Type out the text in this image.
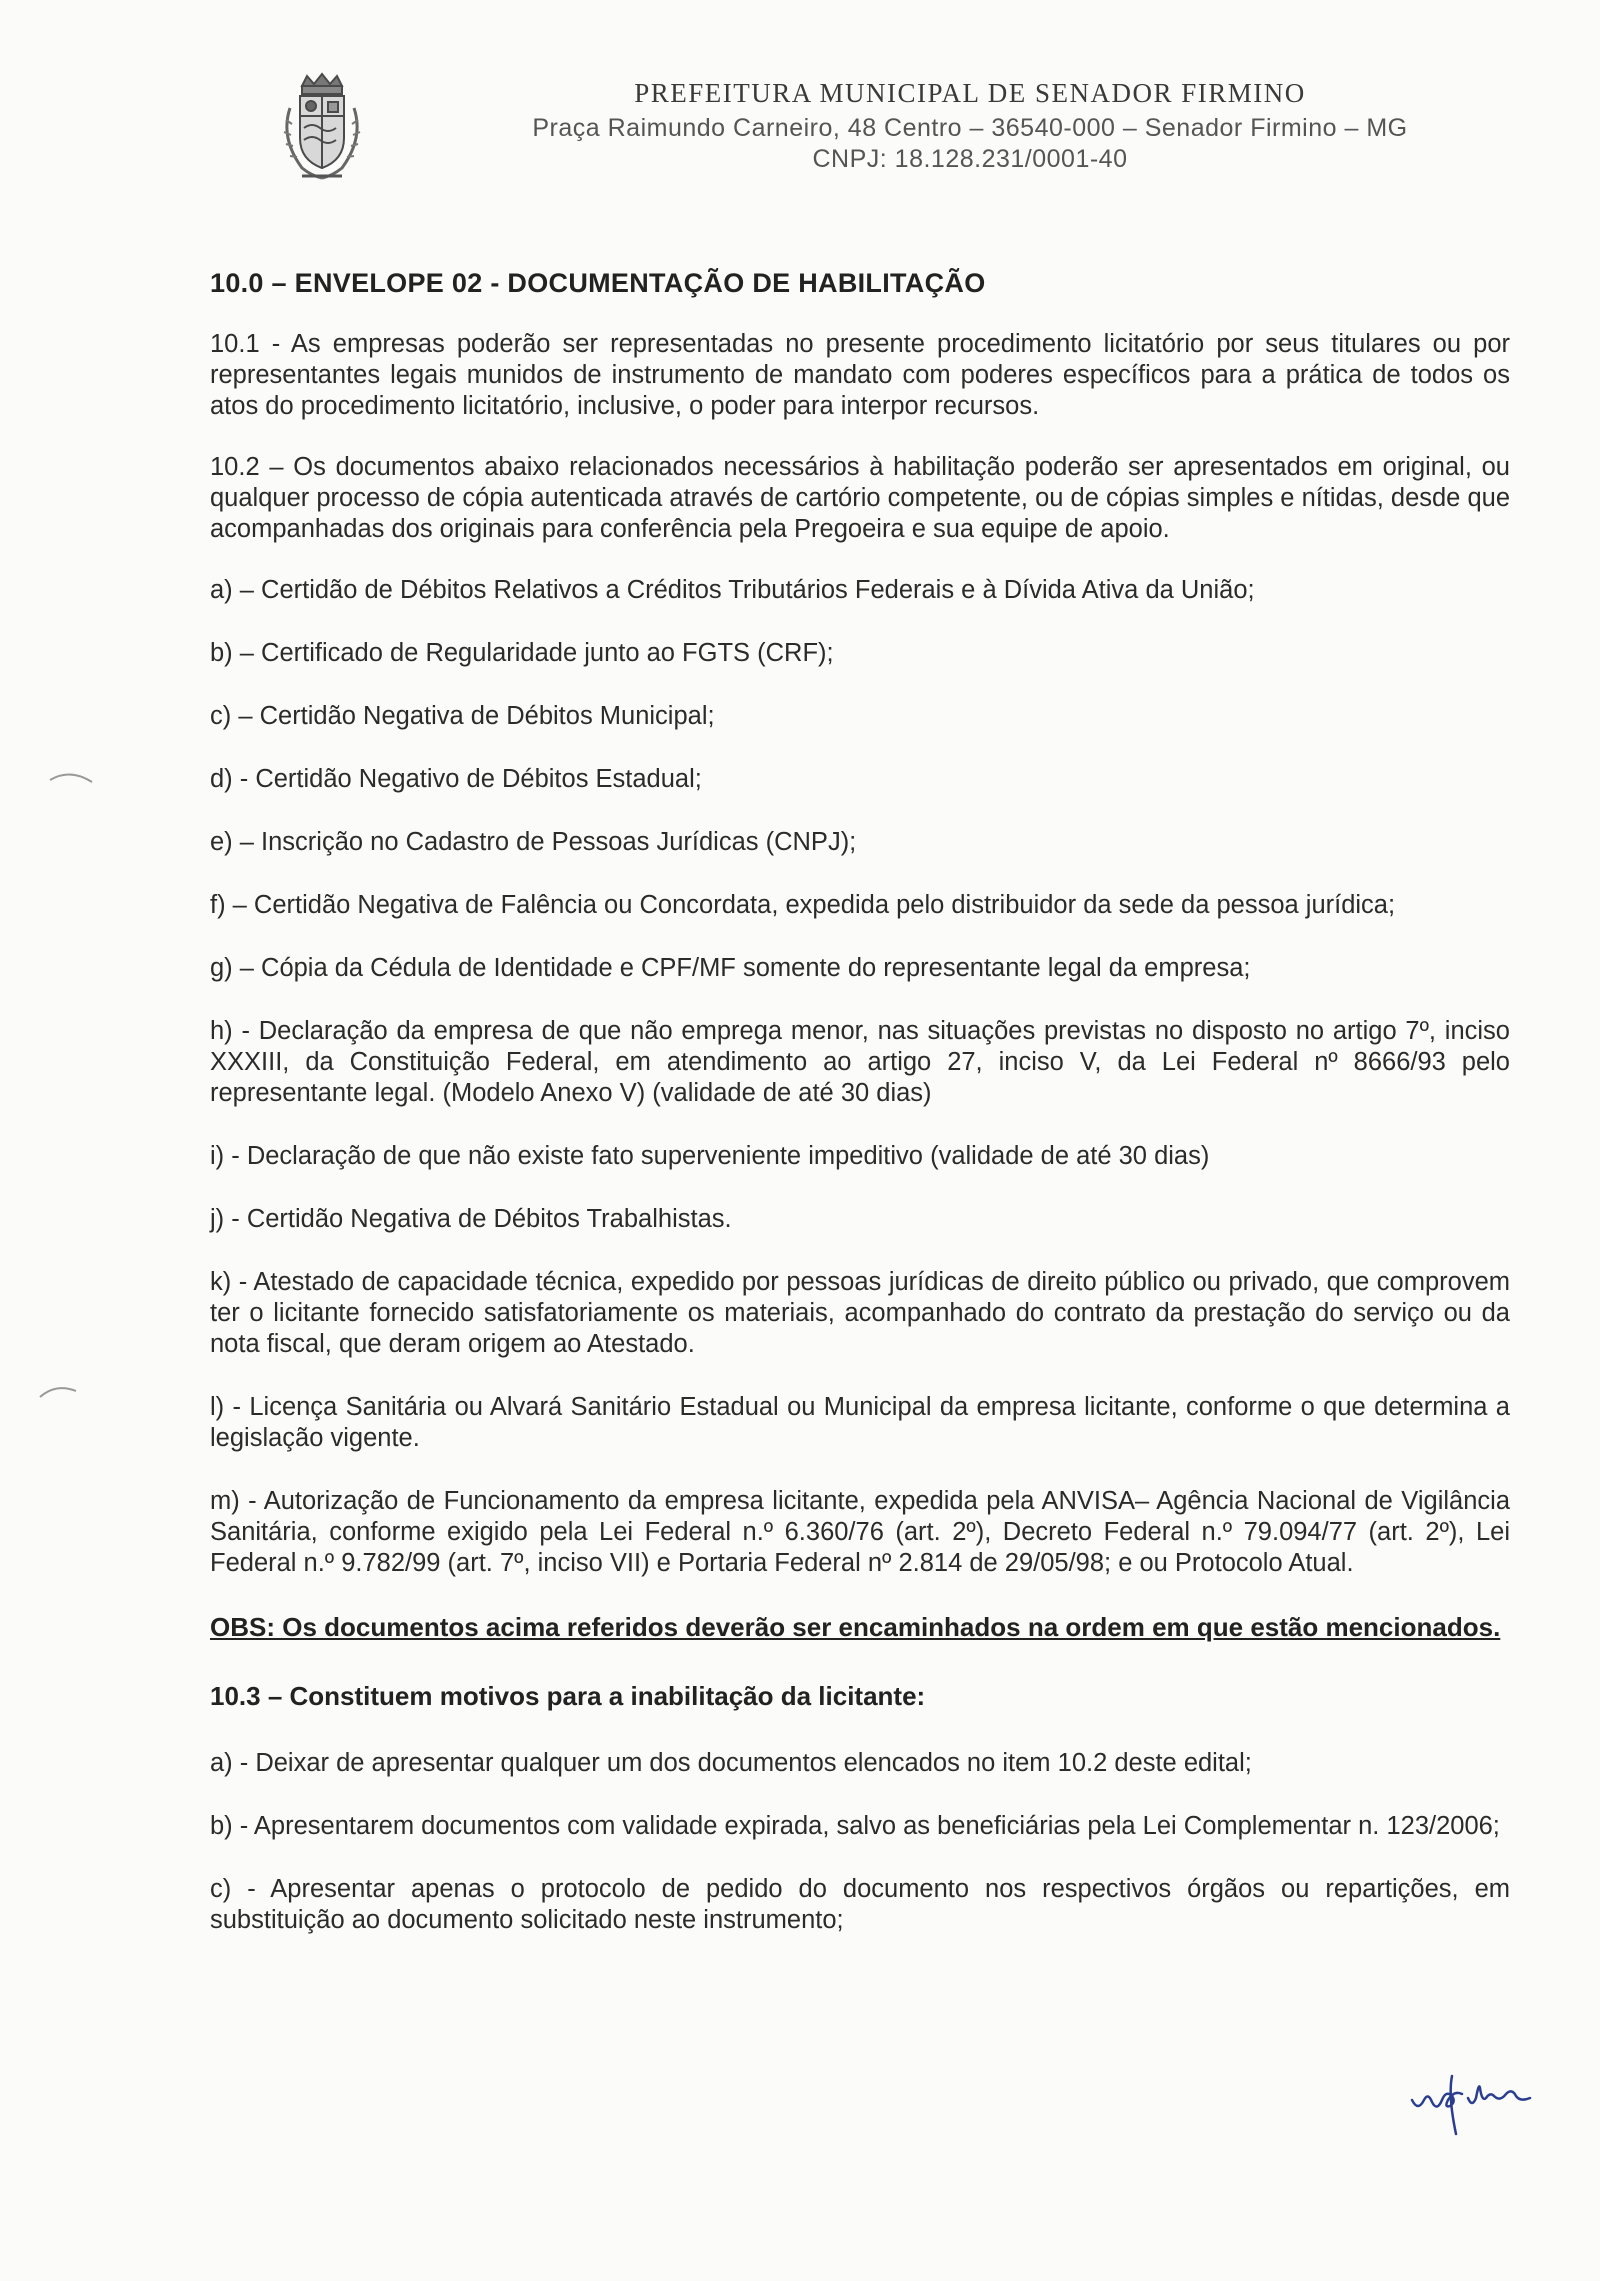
PREFEITURA MUNICIPAL DE SENADOR FIRMINO
Praça Raimundo Carneiro, 48 Centro – 36540-000 – Senador Firmino – MG
CNPJ: 18.128.231/0001-40
10.0 – ENVELOPE 02 - DOCUMENTAÇÃO DE HABILITAÇÃO
10.1 - As empresas poderão ser representadas no presente procedimento licitatório por seus titulares ou por representantes legais munidos de instrumento de mandato com poderes específicos para a prática de todos os atos do procedimento licitatório, inclusive, o poder para interpor recursos.
10.2 – Os documentos abaixo relacionados necessários à habilitação poderão ser apresentados em original, ou qualquer processo de cópia autenticada através de cartório competente, ou de cópias simples e nítidas, desde que acompanhadas dos originais para conferência pela Pregoeira e sua equipe de apoio.
a) – Certidão de Débitos Relativos a Créditos Tributários Federais e à Dívida Ativa da União;
b) – Certificado de Regularidade junto ao FGTS (CRF);
c) – Certidão Negativa de Débitos Municipal;
d) - Certidão Negativo de Débitos Estadual;
e) – Inscrição no Cadastro de Pessoas Jurídicas (CNPJ);
f) – Certidão Negativa de Falência ou Concordata, expedida pelo distribuidor da sede da pessoa jurídica;
g) – Cópia da Cédula de Identidade e CPF/MF somente do representante legal da empresa;
h) - Declaração da empresa de que não emprega menor, nas situações previstas no disposto no artigo 7º, inciso XXXIII, da Constituição Federal, em atendimento ao artigo 27, inciso V, da Lei Federal nº 8666/93 pelo representante legal. (Modelo Anexo V) (validade de até 30 dias)
i) - Declaração de que não existe fato superveniente impeditivo (validade de até 30 dias)
j) - Certidão Negativa de Débitos Trabalhistas.
k) - Atestado de capacidade técnica, expedido por pessoas jurídicas de direito público ou privado, que comprovem ter o licitante fornecido satisfatoriamente os materiais, acompanhado do contrato da prestação do serviço ou da nota fiscal, que deram origem ao Atestado.
l) - Licença Sanitária ou Alvará Sanitário Estadual ou Municipal da empresa licitante, conforme o que determina a legislação vigente.
m) - Autorização de Funcionamento da empresa licitante, expedida pela ANVISA– Agência Nacional de Vigilância Sanitária, conforme exigido pela Lei Federal n.º 6.360/76 (art. 2º), Decreto Federal n.º 79.094/77 (art. 2º), Lei Federal n.º 9.782/99 (art. 7º, inciso VII) e Portaria Federal nº 2.814 de 29/05/98; e ou Protocolo Atual.
OBS: Os documentos acima referidos deverão ser encaminhados na ordem em que estão mencionados.
10.3 – Constituem motivos para a inabilitação da licitante:
a) - Deixar de apresentar qualquer um dos documentos elencados no item 10.2 deste edital;
b) - Apresentarem documentos com validade expirada, salvo as beneficiárias pela Lei Complementar n. 123/2006;
c) - Apresentar apenas o protocolo de pedido do documento nos respectivos órgãos ou repartições, em substituição ao documento solicitado neste instrumento;
